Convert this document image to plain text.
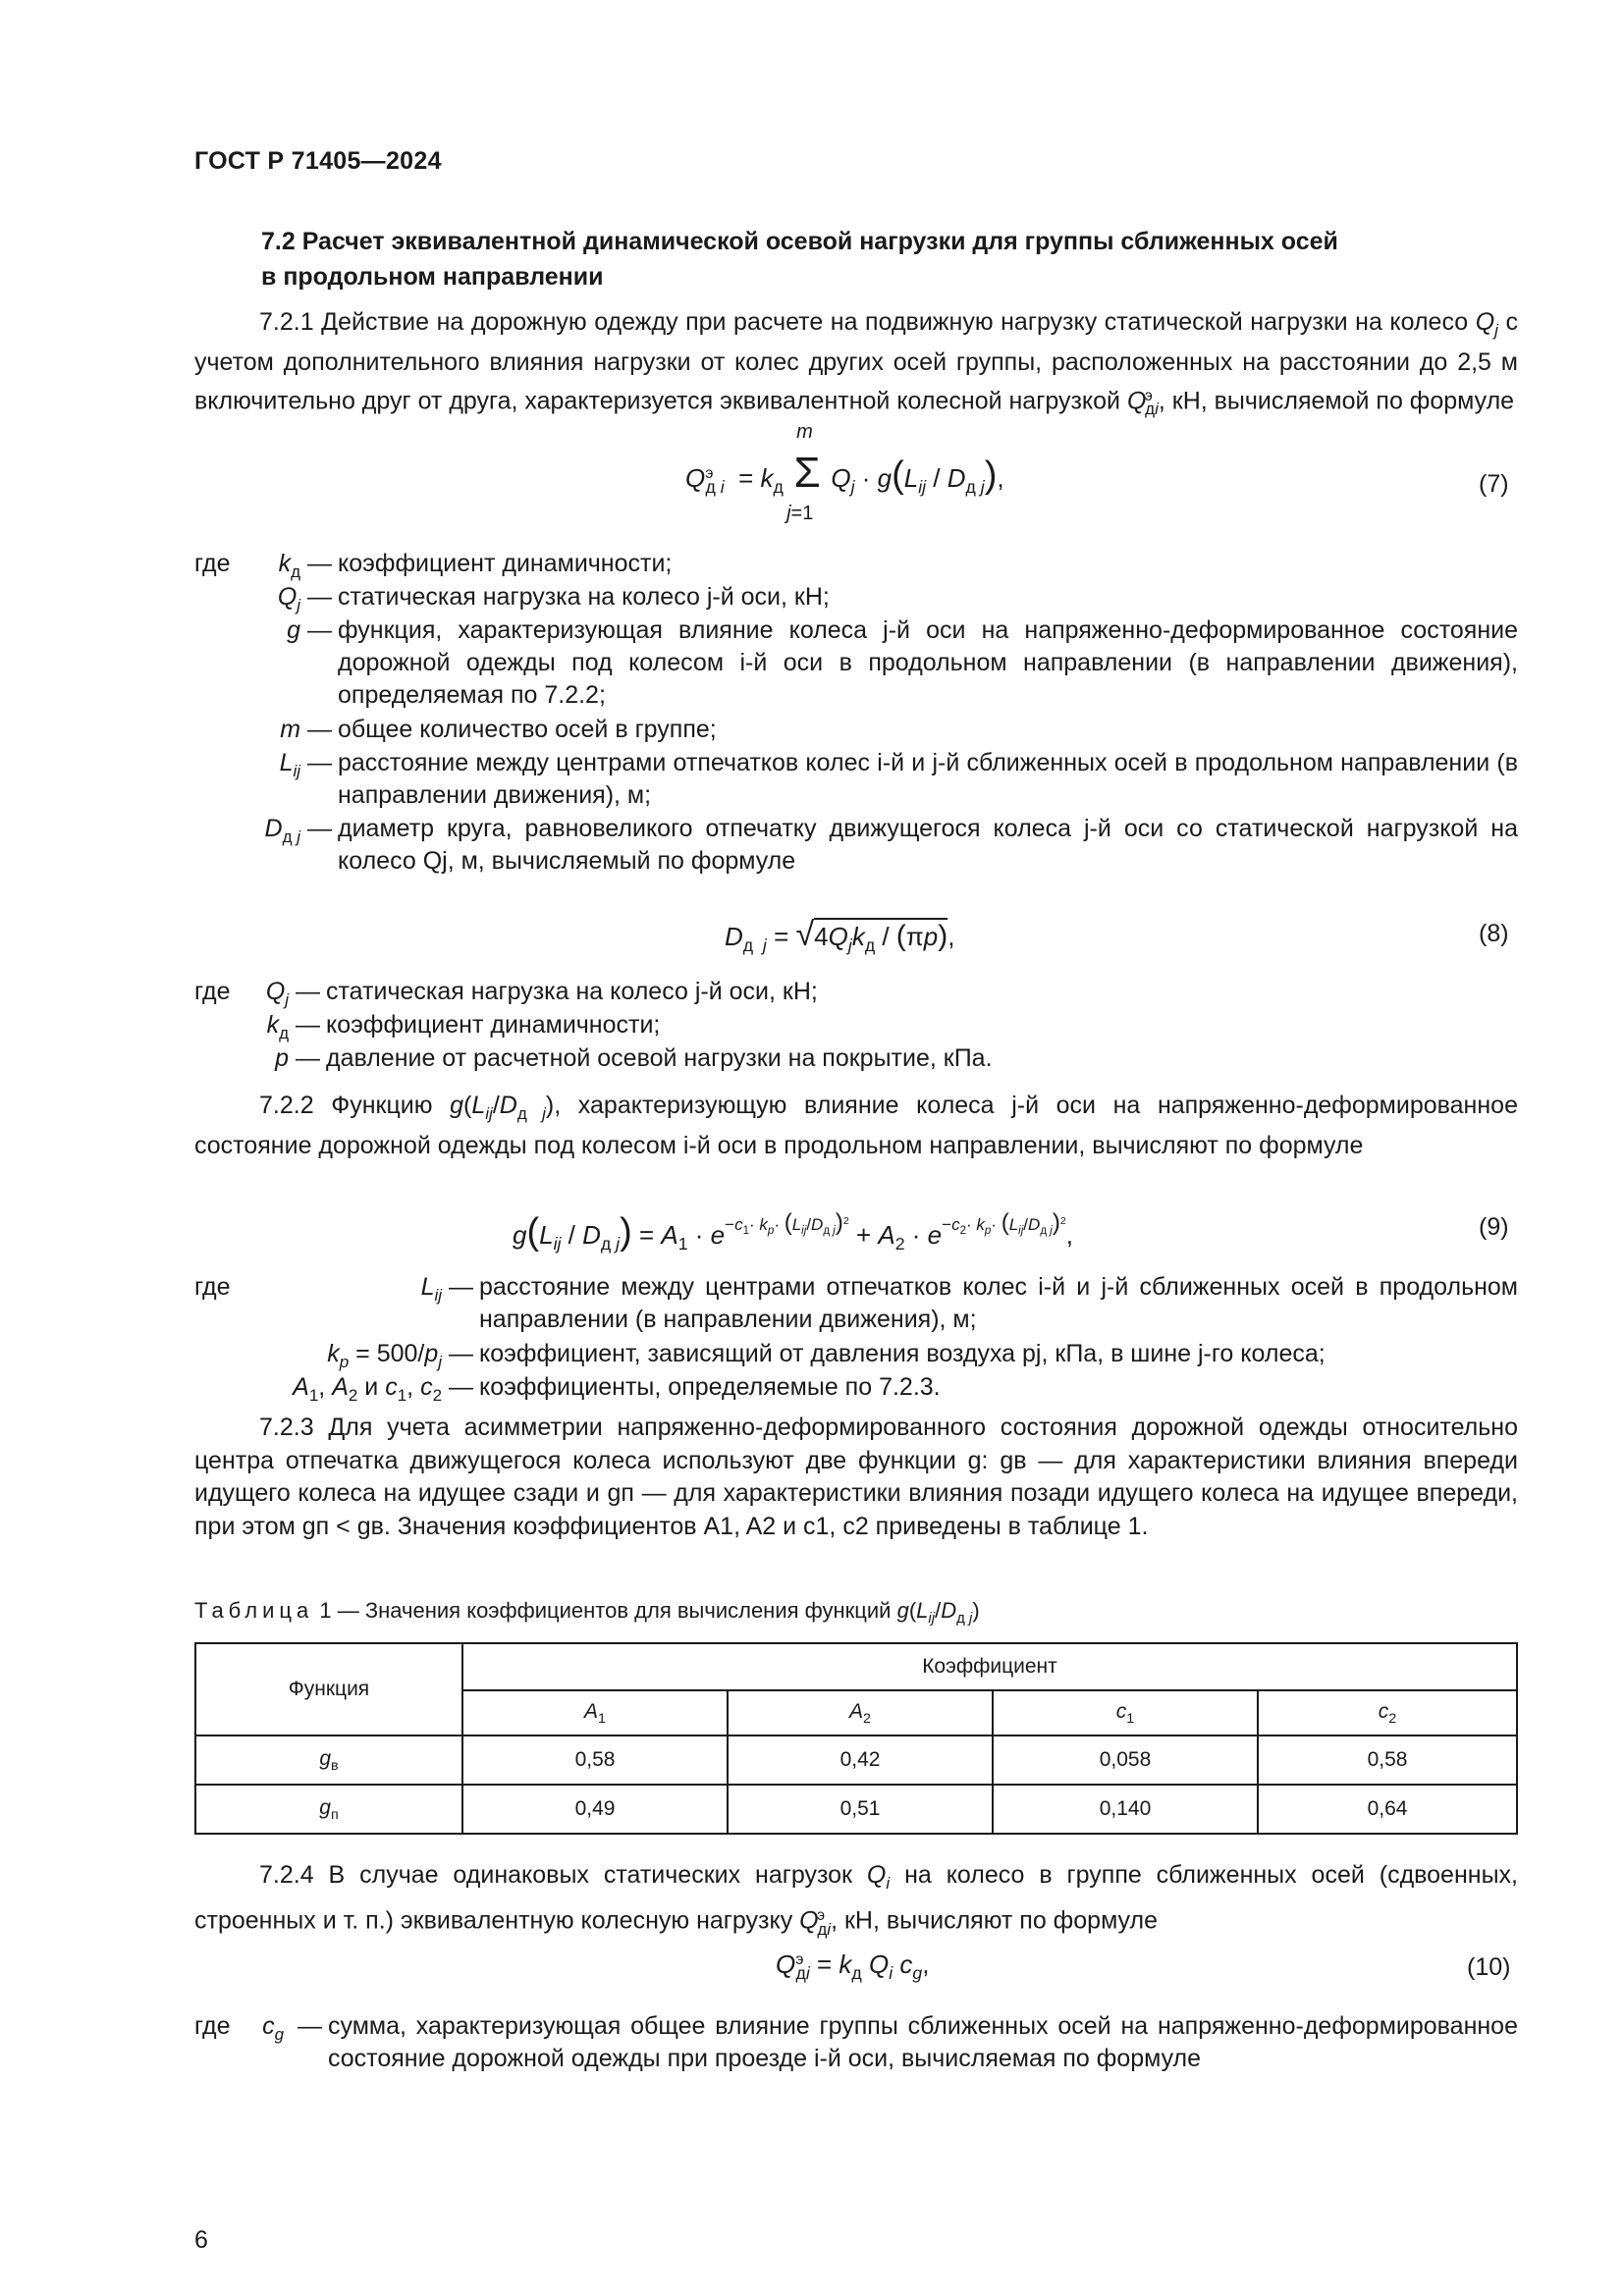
ГОСТ Р 71405—2024
7.2 Расчет эквивалентной динамической осевой нагрузки для группы сближенных осей
в продольном направлении
7.2.1 Действие на дорожную одежду при расчете на подвижную нагрузку статической нагрузки на колесо $Q_j$ с учетом дополнительного влияния нагрузки от колес других осей группы, расположенных на расстоянии до 2,5 м включительно друг от друга, характеризуется эквивалентной колесной нагрузкой $Q^э_{дi}$, кН, вычисляемой по формуле
$Q^э_{д i} = k_д$
m
Σ
j=1
$Q_j \cdot g(L_{ij} / D_{д j})$,	(7)
где	$k_д$ — коэффициент динамичности;
$Q_j$ — статическая нагрузка на колесо j-й оси, кН;
g — функция, характеризующая влияние колеса j-й оси на напряженно-деформированное состояние дорожной одежды под колесом i-й оси в продольном направлении (в направлении движения), определяемая по 7.2.2;
m — общее количество осей в группе;
$L_{ij}$ — расстояние между центрами отпечатков колес i-й и j-й сближенных осей в продольном направлении (в направлении движения), м;
$D_{д j}$ — диаметр круга, равновеликого отпечатку движущегося колеса j-й оси со статической нагрузкой на колесо Qj, м, вычисляемый по формуле
$D_{д j} = √4Q_jk_д / (\pi p)$,	(8)
где	$Q_j$ — статическая нагрузка на колесо j-й оси, кН;
$k_д$ — коэффициент динамичности;
p — давление от расчетной осевой нагрузки на покрытие, кПа.
7.2.2 Функцию $g(L_{ij}/D_{д j})$, характеризующую влияние колеса j-й оси на напряженно-деформированное состояние дорожной одежды под колесом i-й оси в продольном направлении, вычисляют по формуле
$g(L_{ij} / D_{д j}) = A_1 \cdot e^{-c_1\cdot k_p\cdot (L_{ij}/D_{д j})^2} + A_2 \cdot e^{-c_2\cdot k_p\cdot (L_{ij}/D_{д j})^2}$,	(9)
где	$L_{ij}$ — расстояние между центрами отпечатков колес i-й и j-й сближенных осей в продольном направлении (в направлении движения), м;
$k_p = 500/p_j$ — коэффициент, зависящий от давления воздуха pj, кПа, в шине j-го колеса;
$A_1$, $A_2$ и $c_1$, $c_2$ — коэффициенты, определяемые по 7.2.3.
7.2.3 Для учета асимметрии напряженно-деформированного состояния дорожной одежды относительно центра отпечатка движущегося колеса используют две функции g: gв — для характеристики влияния впереди идущего колеса на идущее сзади и gп — для характеристики влияния позади идущего колеса на идущее впереди, при этом gп < gв. Значения коэффициентов A1, A2 и c1, c2 приведены в таблице 1.
Таблица 1 — Значения коэффициентов для вычисления функций $g(L_{ij}/D_{д j})$
Функция	Коэффициент			
	$A_1$	$A_2$	$c_1$	$c_2$
$g_в$	0,58	0,42	0,058	0,58
$g_п$	0,49	0,51	0,140	0,64
7.2.4 В случае одинаковых статических нагрузок $Q_i$ на колесо в группе сближенных осей (сдвоенных, строенных и т. п.) эквивалентную колесную нагрузку $Q^э_{дi}$, кН, вычисляют по формуле
$Q^э_{дi} = k_д$ $Q_i$ $c_g$,	(10)
где	$c_g$  — сумма, характеризующая общее влияние группы сближенных осей на напряженно-деформированное состояние дорожной одежды при проезде i-й оси, вычисляемая по формуле
6
